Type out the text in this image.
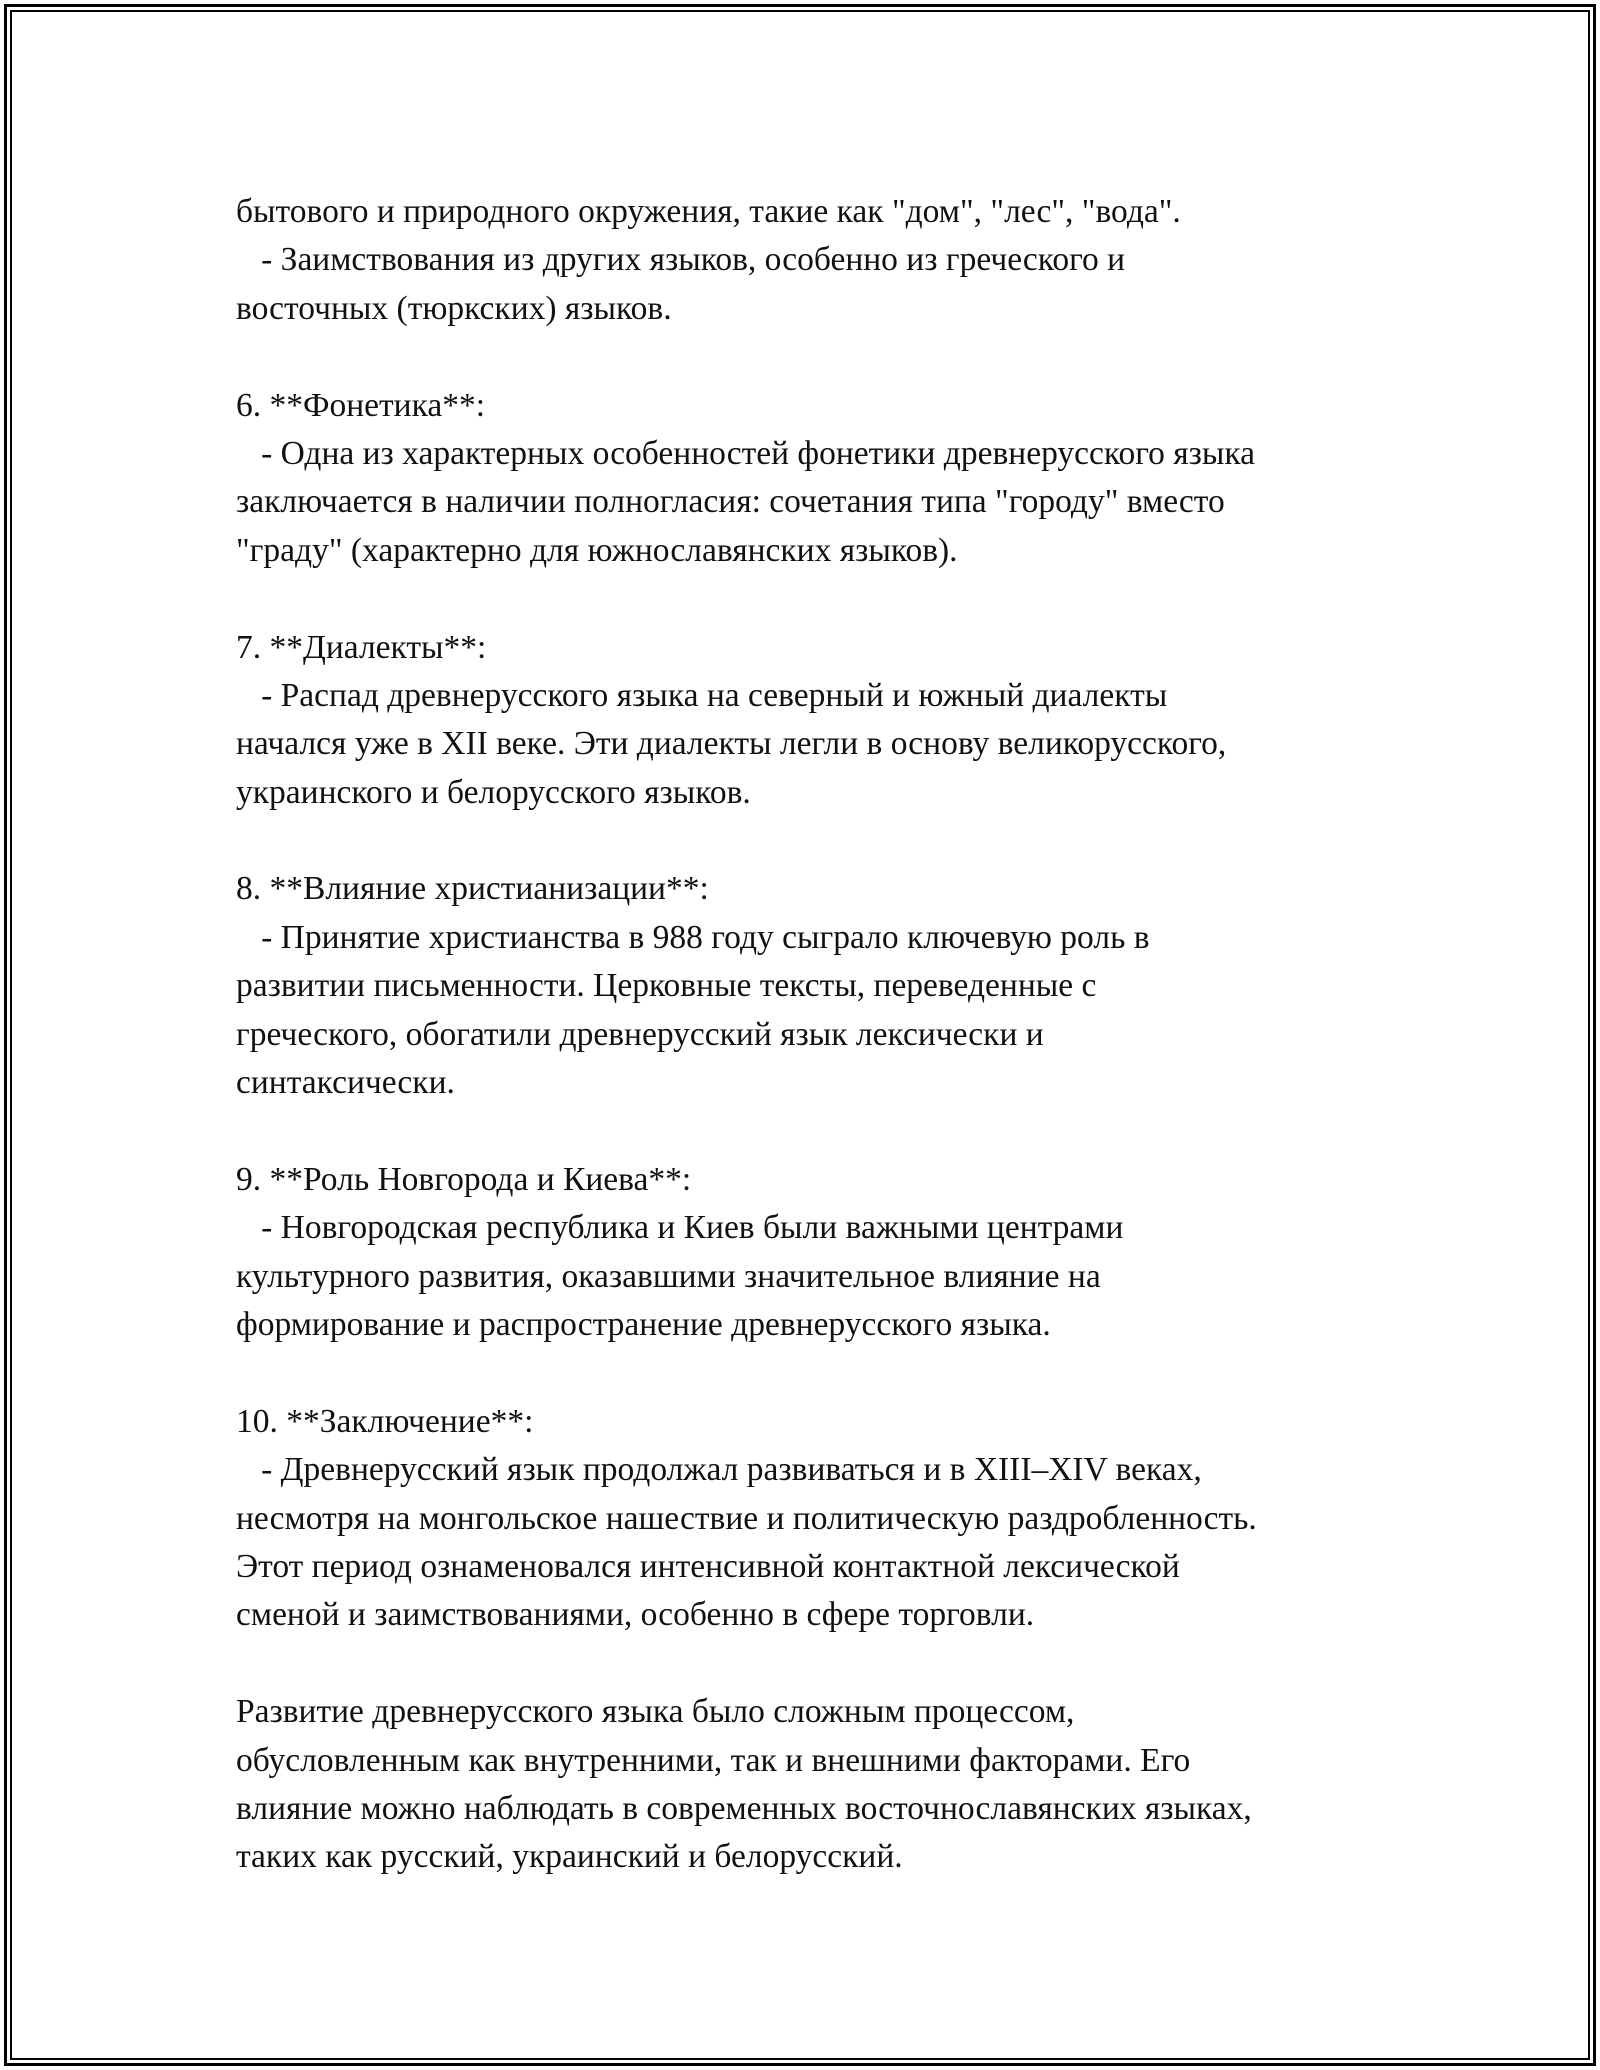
бытового и природного окружения, такие как "дом", "лес", "вода".
- Заимствования из других языков, особенно из греческого и
восточных (тюркских) языков.
6. **Фонетика**:
- Одна из характерных особенностей фонетики древнерусского языка
заключается в наличии полногласия: сочетания типа "городу" вместо
"граду" (характерно для южнославянских языков).
7. **Диалекты**:
- Распад древнерусского языка на северный и южный диалекты
начался уже в XII веке. Эти диалекты легли в основу великорусского,
украинского и белорусского языков.
8. **Влияние христианизации**:
- Принятие христианства в 988 году сыграло ключевую роль в
развитии письменности. Церковные тексты, переведенные с
греческого, обогатили древнерусский язык лексически и
синтаксически.
9. **Роль Новгорода и Киева**:
- Новгородская республика и Киев были важными центрами
культурного развития, оказавшими значительное влияние на
формирование и распространение древнерусского языка.
10. **Заключение**:
- Древнерусский язык продолжал развиваться и в XIII–XIV веках,
несмотря на монгольское нашествие и политическую раздробленность.
Этот период ознаменовался интенсивной контактной лексической
сменой и заимствованиями, особенно в сфере торговли.
Развитие древнерусского языка было сложным процессом,
обусловленным как внутренними, так и внешними факторами. Его
влияние можно наблюдать в современных восточнославянских языках,
таких как русский, украинский и белорусский.
